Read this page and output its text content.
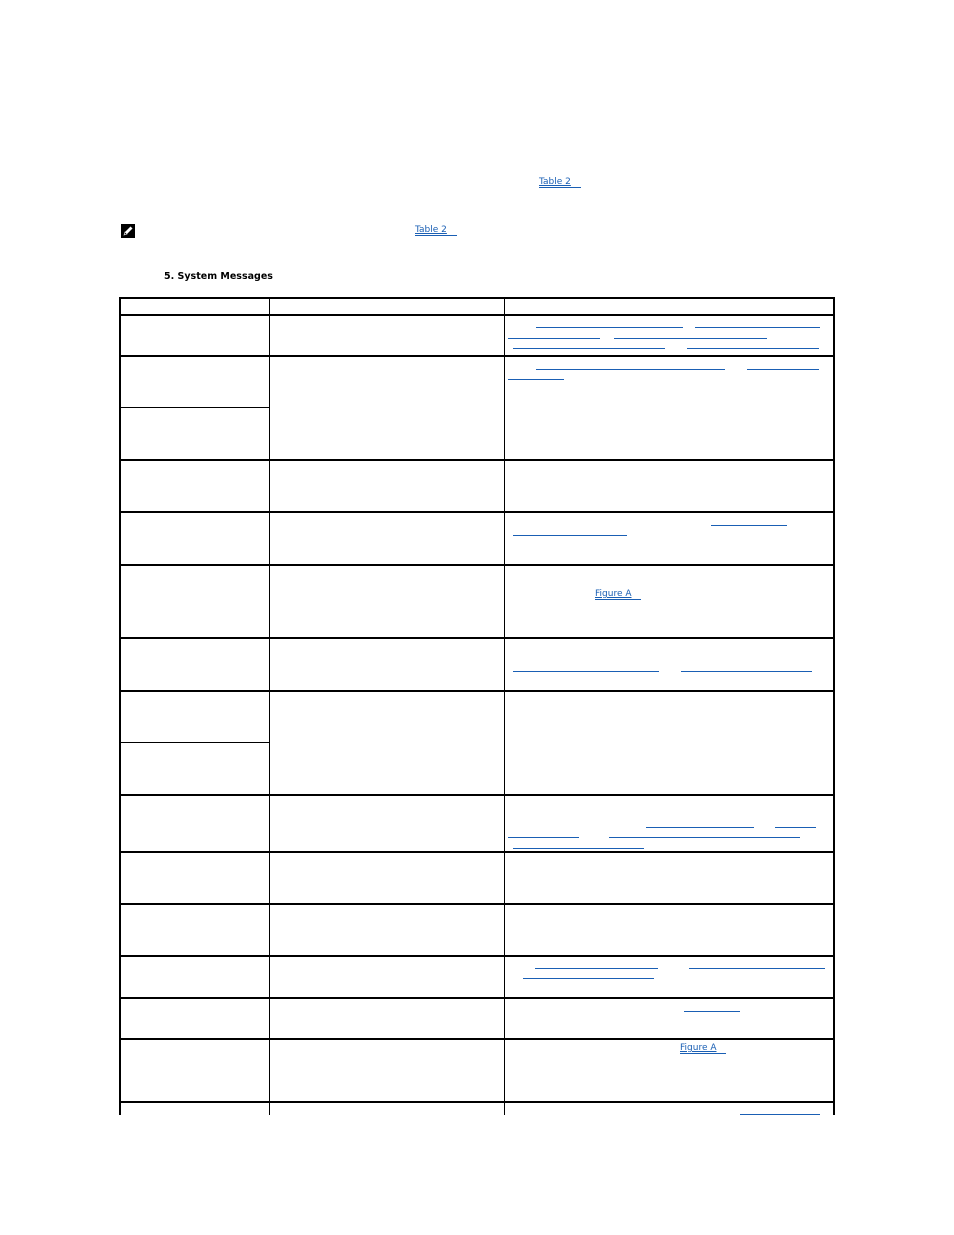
Table 2
Table 2
5. System Messages
Figure A
Figure A
